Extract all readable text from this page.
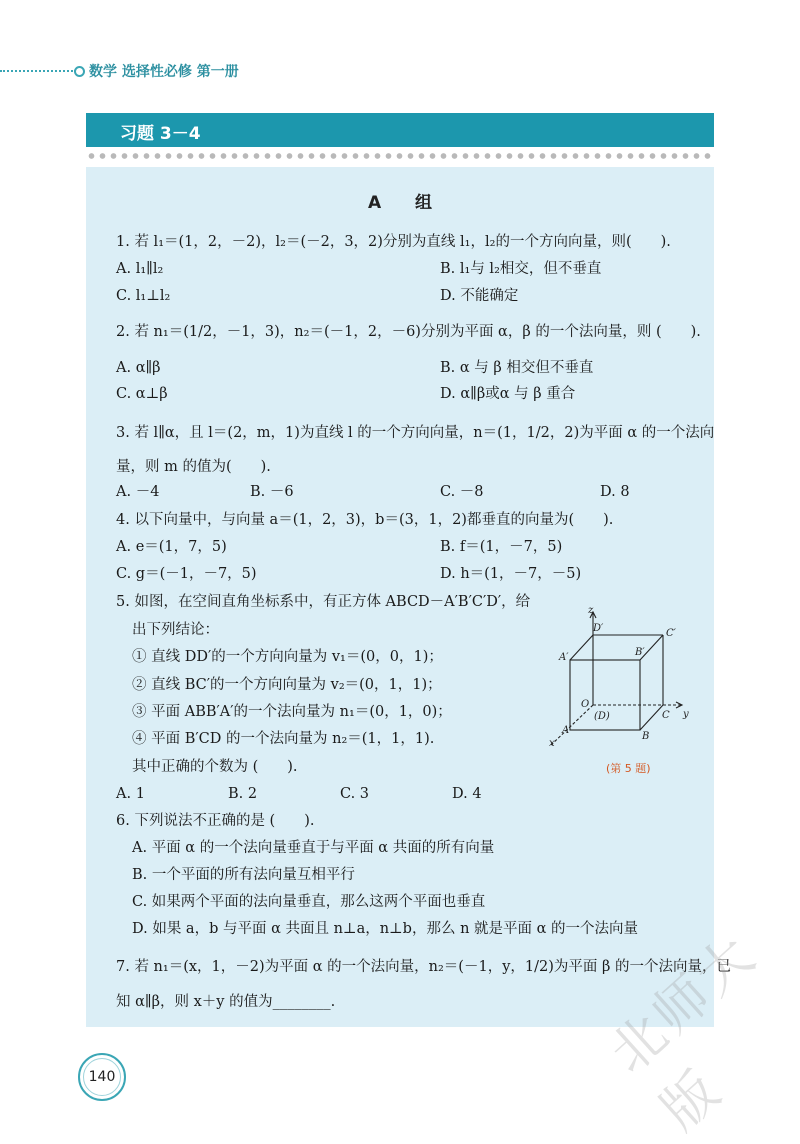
数学 选择性必修 第一册
习题 3－4
A 组
1. 若 l₁＝(1，2，－2)，l₂＝(－2，3，2)分别为直线 l₁，l₂的一个方向向量，则(　　).
A. l₁∥l₂	B. l₁与 l₂相交，但不垂直
C. l₁⊥l₂	D. 不能确定
2. 若 n₁＝(1/2，－1，3)，n₂＝(－1，2，－6)分别为平面 α，β 的一个法向量，则 (　　).
A. α∥β	B. α 与 β 相交但不垂直
C. α⊥β	D. α∥β或α 与 β 重合
3. 若 l∥α，且 l＝(2，m，1)为直线 l 的一个方向向量，n＝(1，1/2，2)为平面 α 的一个法向
量，则 m 的值为(　　).
A. －4	B. －6	C. －8	D. 8
4. 以下向量中，与向量 a＝(1，2，3)，b＝(3，1，2)都垂直的向量为(　　).
A. e＝(1，7，5)	B. f＝(1，－7，5)
C. g＝(－1，－7，5)	D. h＝(1，－7，－5)
5. 如图，在空间直角坐标系中，有正方体 ABCD－A′B′C′D′，给
出下列结论：
① 直线 DD′的一个方向向量为 v₁＝(0，0，1)；
② 直线 BC′的一个方向向量为 v₂＝(0，1，1)；
③ 平面 ABB′A′的一个法向量为 n₁＝(0，1，0)；
④ 平面 B′CD 的一个法向量为 n₂＝(1，1，1).
其中正确的个数为 (　　).
A. 1	B. 2	C. 3	D. 4
z
y
x
O
D′	C′
A′	B′
(D)	C
A
B
(第 5 题)
6. 下列说法不正确的是 (　　).
A. 平面 α 的一个法向量垂直于与平面 α 共面的所有向量
B. 一个平面的所有法向量互相平行
C. 如果两个平面的法向量垂直，那么这两个平面也垂直
D. 如果 a，b 与平面 α 共面且 n⊥a，n⊥b，那么 n 就是平面 α 的一个法向量
7. 若 n₁＝(x，1，－2)为平面 α 的一个法向量，n₂＝(－1，y，1/2)为平面 β 的一个法向量，已
知 α∥β，则 x＋y 的值为________.
140	北师大版
